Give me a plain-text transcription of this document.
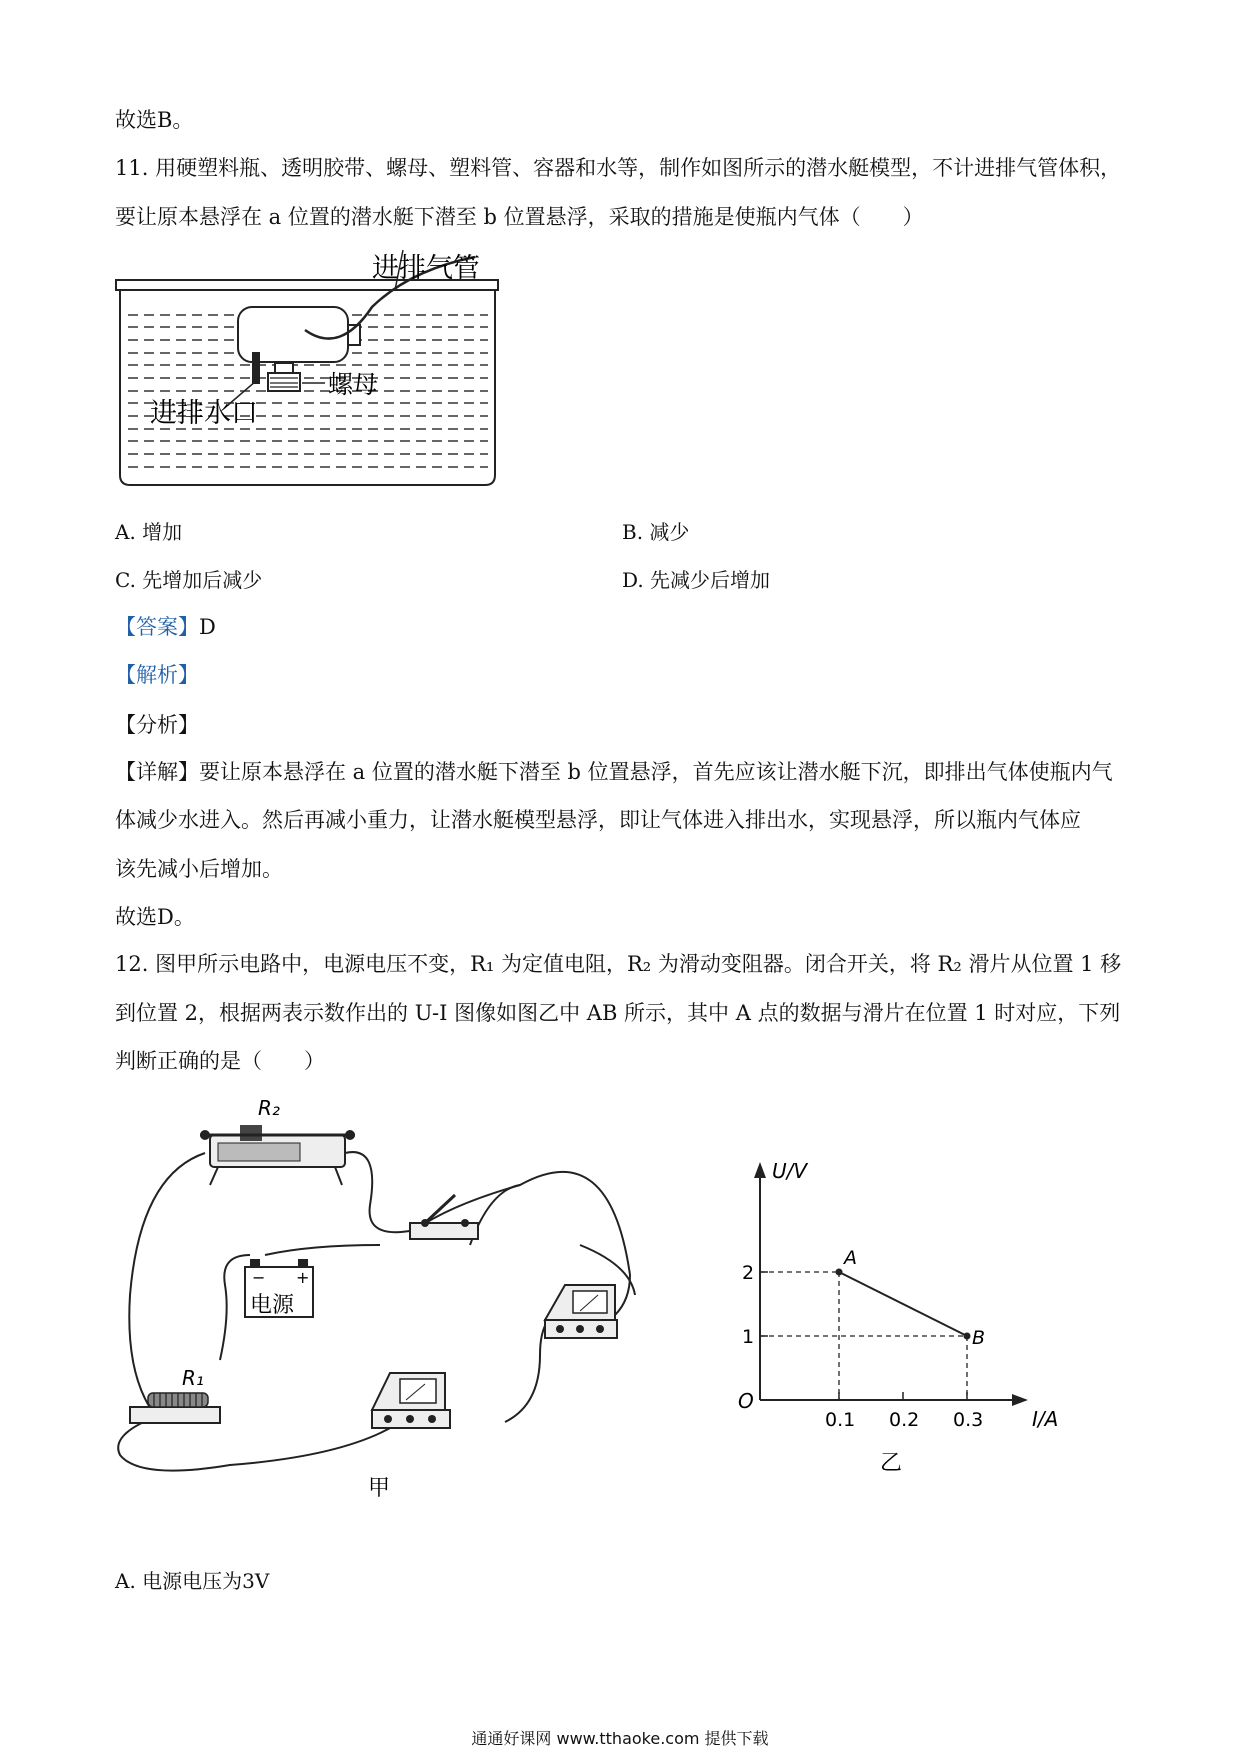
故选B。
11. 用硬塑料瓶、透明胶带、螺母、塑料管、容器和水等，制作如图所示的潜水艇模型，不计进排气管体积，
要让原本悬浮在 a 位置的潜水艇下潜至 b 位置悬浮，采取的措施是使瓶内气体（　　）
进排气管
螺母
进排水口
A. 增加	B. 减少
C. 先增加后减少	D. 先减少后增加
【答案】D
【解析】
【分析】
【详解】要让原本悬浮在 a 位置的潜水艇下潜至 b 位置悬浮，首先应该让潜水艇下沉，即排出气体使瓶内气
体减少水进入。然后再减小重力，让潜水艇模型悬浮，即让气体进入排出水，实现悬浮，所以瓶内气体应
该先减小后增加。
故选D。
12. 图甲所示电路中，电源电压不变，R₁ 为定值电阻，R₂ 为滑动变阻器。闭合开关，将 R₂ 滑片从位置 1 移
到位置 2，根据两表示数作出的 U-I 图像如图乙中 AB 所示，其中 A 点的数据与滑片在位置 1 时对应，下列
判断正确的是（　　）
R₂
− +
电源
R₁
甲
0.1 0.2 0.3
1
2
A
B
O
U/V
I/A
乙
A. 电源电压为3V
通通好课网 www.tthaoke.com 提供下载
